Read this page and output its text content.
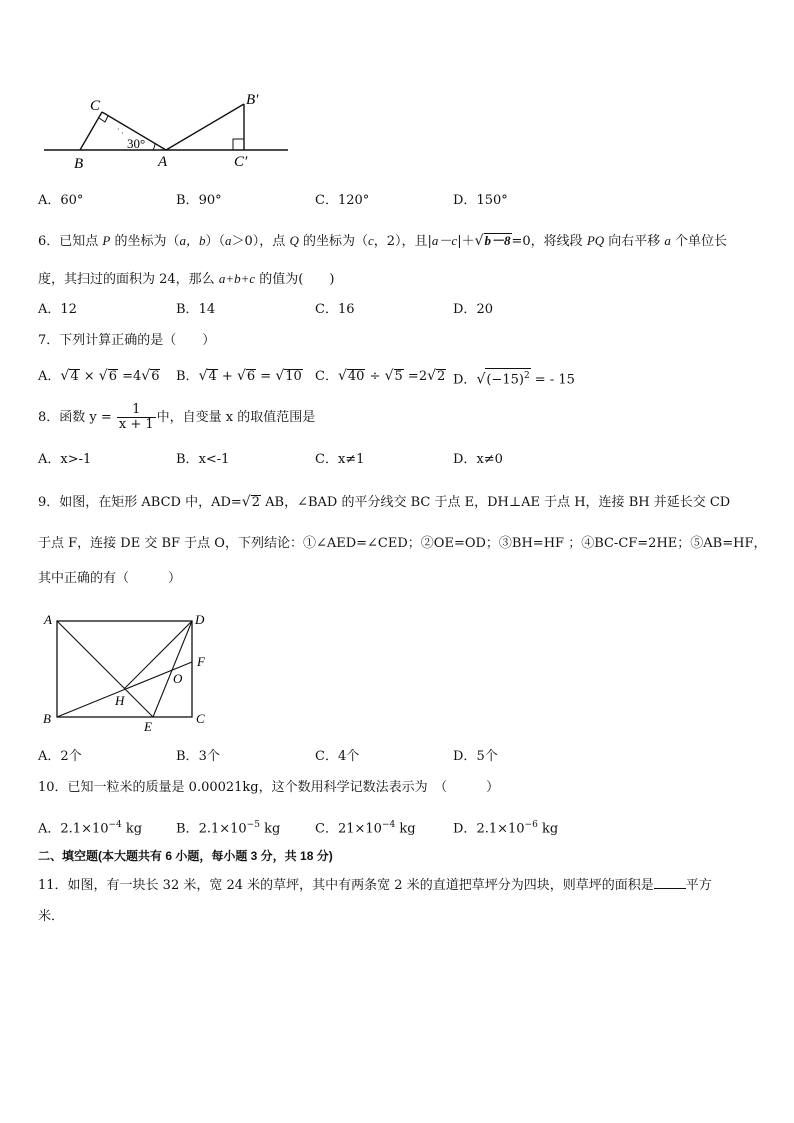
· ·
C
B
30°
A
B′
C′
A．60°	B．90°	C．120°	D．150°
6．已知点 P 的坐标为（a，b）（a＞0），点 Q 的坐标为（c，2），且|a－c|＋√b－8=0，将线段 PQ 向右平移 a 个单位长
度，其扫过的面积为 24，那么 a+b+c 的值为(　　)
A．12	B．14	C．16	D．20
7．下列计算正确的是（　　）
A．√4 × √6 =4√6 B．√4 + √6 = √10 C．√40 ÷ √5 =2√2 D．$√(-15)^2$ = - 15
8．函数 $y = \frac{1}{x + 1}$ 中，自变量 x 的取值范围是
A．x>-1	B．x<-1	C．x≠1	D．x≠0
9．如图，在矩形 ABCD 中，AD=√2 AB，∠BAD 的平分线交 BC 于点 E，DH⊥AE 于点 H，连接 BH 并延长交 CD
于点 F，连接 DE 交 BF 于点 O，下列结论：①∠AED=∠CED；②OE=OD；③BH=HF ；④BC-CF=2HE；⑤AB=HF，
其中正确的有（　　　）
A	D
F
O
H
B
E
C
A．2个	B．3个	C．4个	D．5个
10．已知一粒米的质量是 0.00021kg，这个数用科学记数法表示为　（　　　）
A．$2.1\times 10^{-4}$ kg	B．$2.1\times 10^{-5}$ kg	C．$21\times 10^{-4}$ kg	D．$2.1\times 10^{-6}$ kg
二、填空题(本大题共有 6 小题，每小题 3 分，共 18 分)
11．如图，有一块长 32 米，宽 24 米的草坪，其中有两条宽 2 米的直道把草坪分为四块，则草坪的面积是 平方
米．
